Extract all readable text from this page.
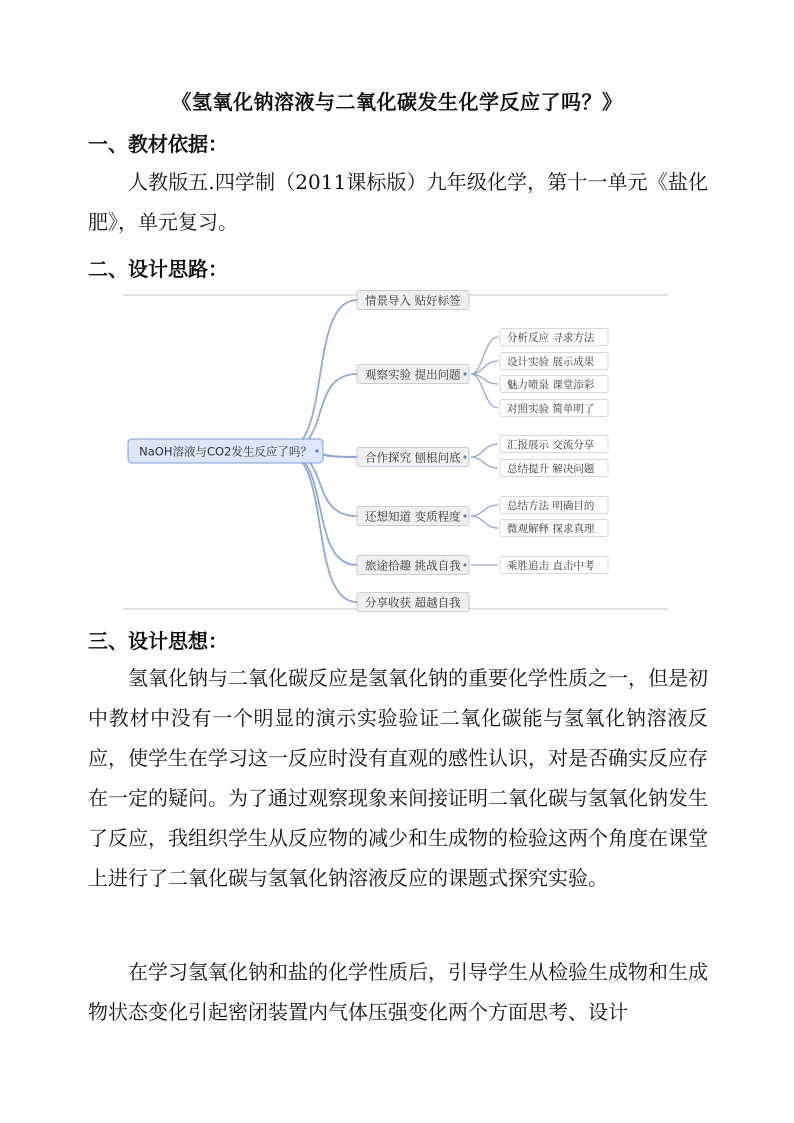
《氢氧化钠溶液与二氧化碳发生化学反应了吗？》
一、教材依据：

人教版五.四学制（2011课标版）九年级化学，第十一单元《盐化肥》，单元复习。

二、设计思路：
NaOH溶液与CO2发生反应了吗？
情景导入 贴好标签
观察实验 提出问题
分析反应 寻求方法
设计实验 展示成果
魅力喷泉 课堂添彩
对照实验 简单明了
合作探究 刨根问底
汇报展示 交流分享
总结提升 解决问题
还想知道 变质程度
总结方法 明确目的
微观解释 探求真理
旅途拾趣 挑战自我	乘胜追击 直击中考
分享收获 超越自我
三、设计思想：

氢氧化钠与二氧化碳反应是氢氧化钠的重要化学性质之一，但是初中教材中没有一个明显的演示实验验证二氧化碳能与氢氧化钠溶液反应，使学生在学习这一反应时没有直观的感性认识，对是否确实反应存在一定的疑问。为了通过观察现象来间接证明二氧化碳与氢氧化钠发生了反应，我组织学生从反应物的减少和生成物的检验这两个角度在课堂上进行了二氧化碳与氢氧化钠溶液反应的课题式探究实验。

在学习氢氧化钠和盐的化学性质后，引导学生从检验生成物和生成物状态变化引起密闭装置内气体压强变化两个方面思考、设计
